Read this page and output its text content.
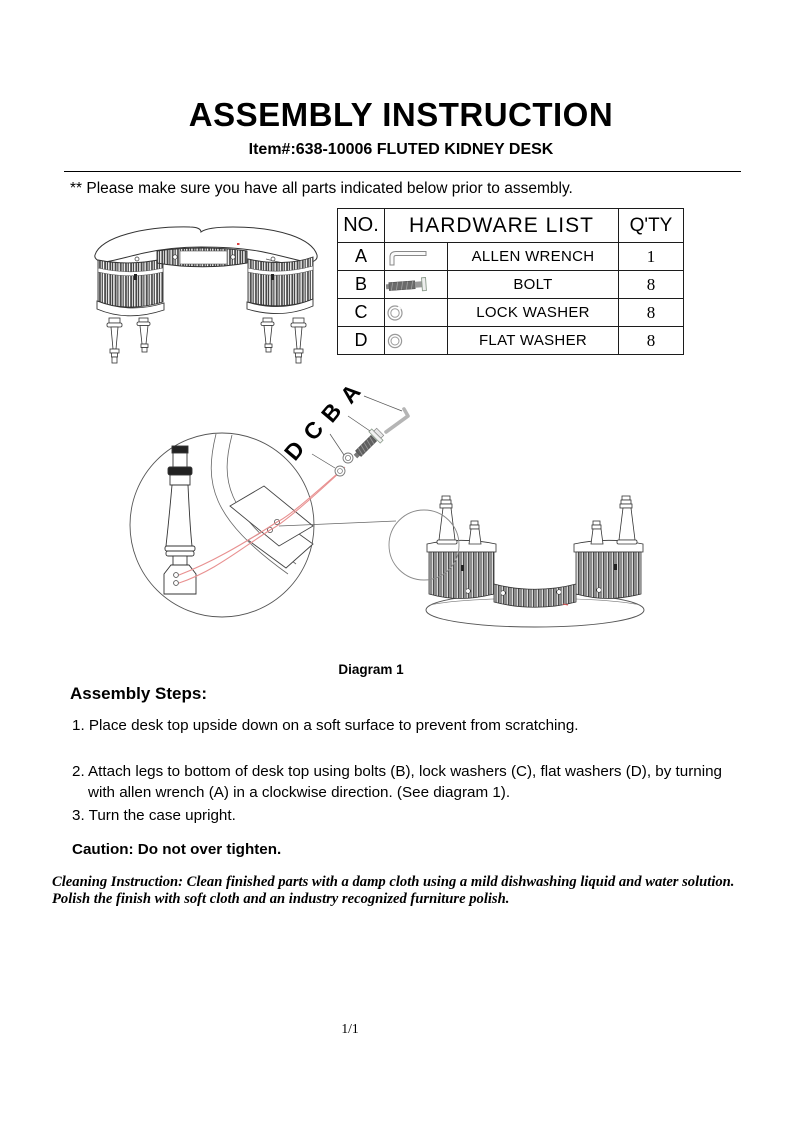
ASSEMBLY INSTRUCTION
Item#:638-10006 FLUTED KIDNEY DESK
** Please make sure you have all parts indicated below prior to assembly.
NO.	HARDWARE LIST		Q'TY
A		ALLEN WRENCH	1
B		BOLT	8
C		LOCK WASHER	8
D		FLAT WASHER	8
D
C
B
A
Diagram 1
Assembly Steps:
1. Place desk top upside down on a soft surface to prevent from scratching.
2. Attach legs to bottom of desk top using bolts (B), lock washers (C), flat washers (D), by turning
with allen wrench (A) in a clockwise direction. (See diagram 1).
3. Turn the case upright.
Caution: Do not over tighten.
Cleaning Instruction: Clean finished parts with a damp cloth using a mild dishwashing liquid and water solution.
Polish the finish with soft cloth and an industry recognized furniture polish.
1/1
